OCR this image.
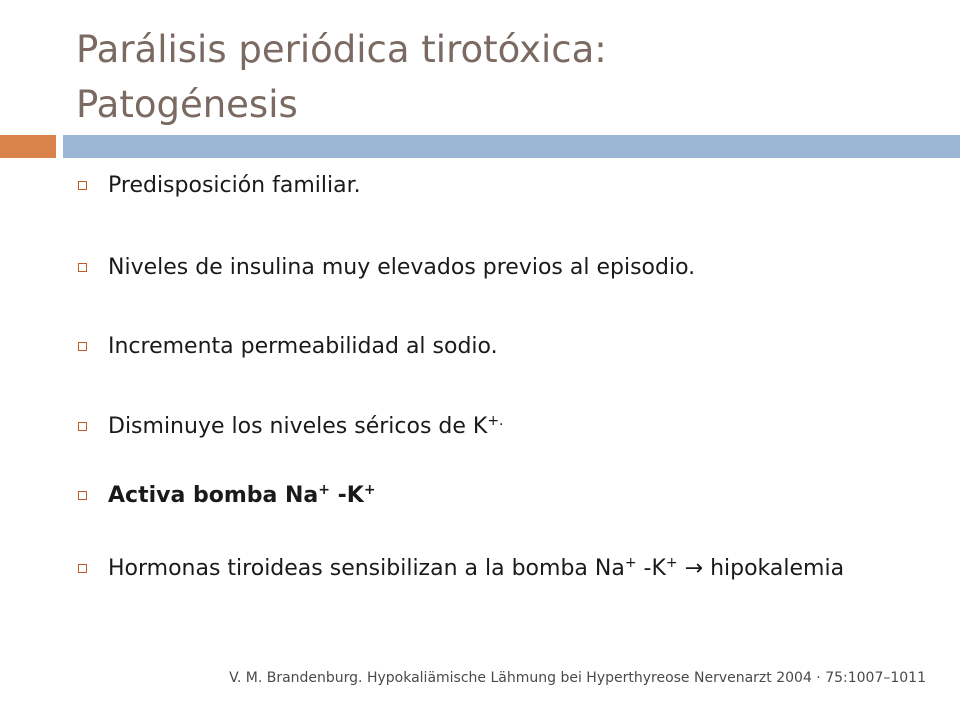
Parálisis periódica tirotóxica:
Patogénesis
Predisposición familiar.
Niveles de insulina muy elevados previos al episodio.
Incrementa permeabilidad al sodio.
Disminuye los niveles séricos de K+.
Activa bomba Na+ -K+
Hormonas tiroideas sensibilizan a la bomba Na+ -K+ → hipokalemia
V. M. Brandenburg. Hypokaliämische Lähmung bei Hyperthyreose Nervenarzt 2004 · 75:1007–1011
